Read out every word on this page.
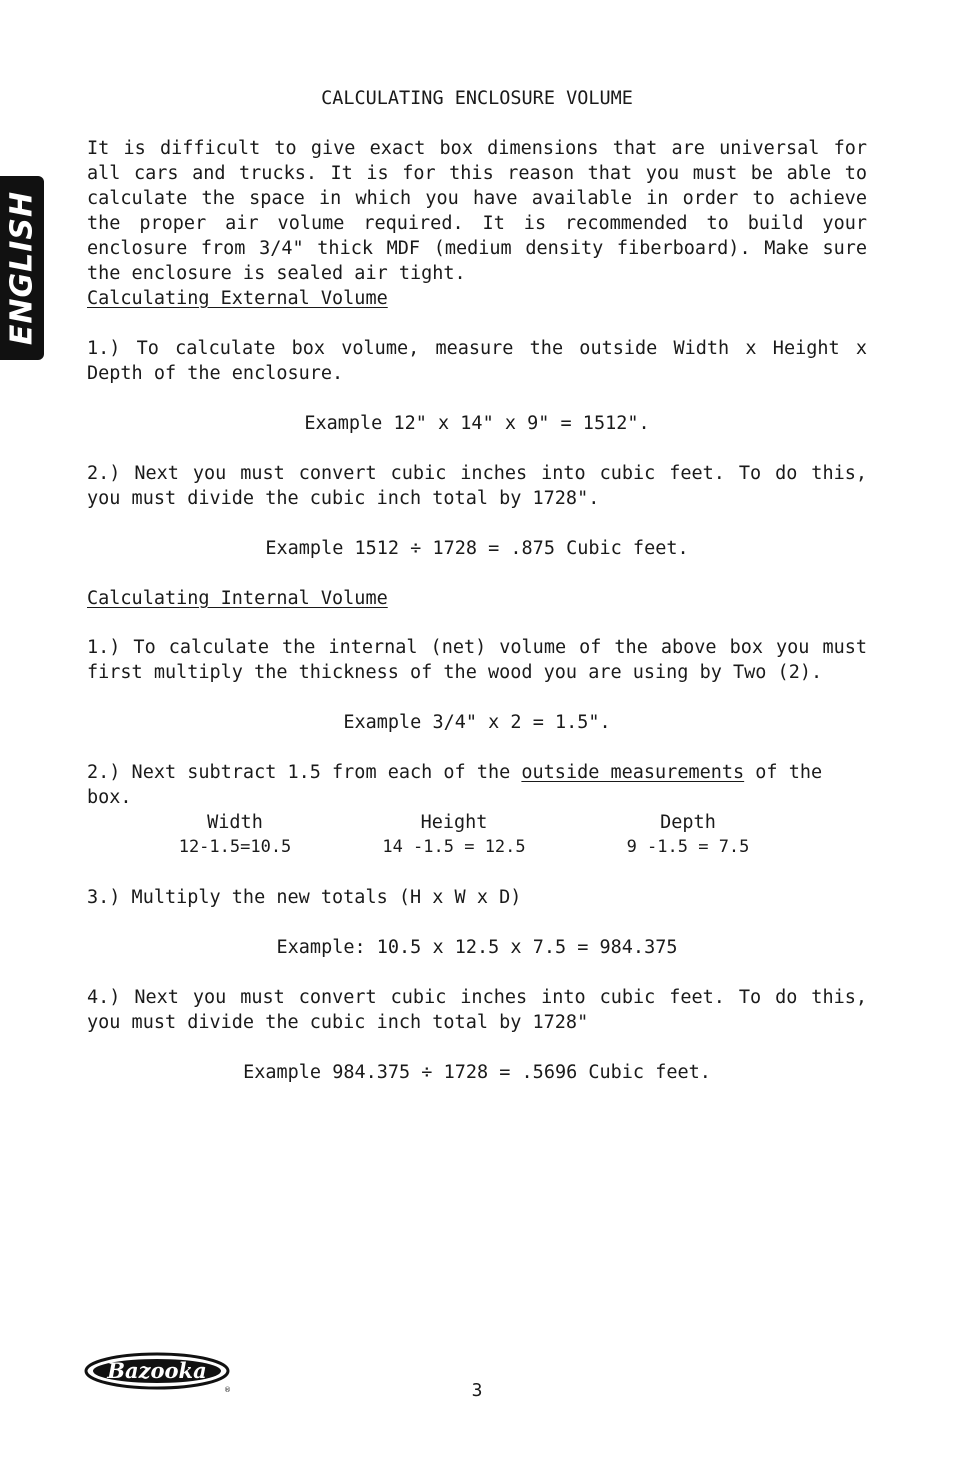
ENGLISH
CALCULATING ENCLOSURE VOLUME
It is difficult to give exact box dimensions that are universal for all cars and trucks. It is for this reason that you must be able to calculate the space in which you have available in order to achieve the proper air volume required. It is recommended to build your enclosure from 3/4" thick MDF (medium density fiberboard). Make sure the enclosure is sealed air tight.
Calculating External Volume
1.) To calculate box volume, measure the outside Width x Height x Depth of the enclosure.
Example 12" x 14" x 9" = 1512".
2.) Next you must convert cubic inches into cubic feet. To do this, you must divide the cubic inch total by 1728".
Example 1512 ÷ 1728 = .875 Cubic feet.
Calculating Internal Volume
1.) To calculate the internal (net) volume of the above box you must first multiply the thickness of the wood you are using by Two (2).
Example 3/4" x 2 = 1.5".
2.) Next subtract 1.5 from each of the outside measurements of the box.
Width
12-1.5=10.5
Height
14 -1.5 = 12.5
Depth
9 -1.5 = 7.5
3.) Multiply the new totals (H x W x D)
Example: 10.5 x 12.5 x 7.5 = 984.375
4.) Next you must convert cubic inches into cubic feet. To do this, you must divide the cubic inch total by 1728"
Example 984.375 ÷ 1728 = .5696 Cubic feet.
Bazooka
®	3
